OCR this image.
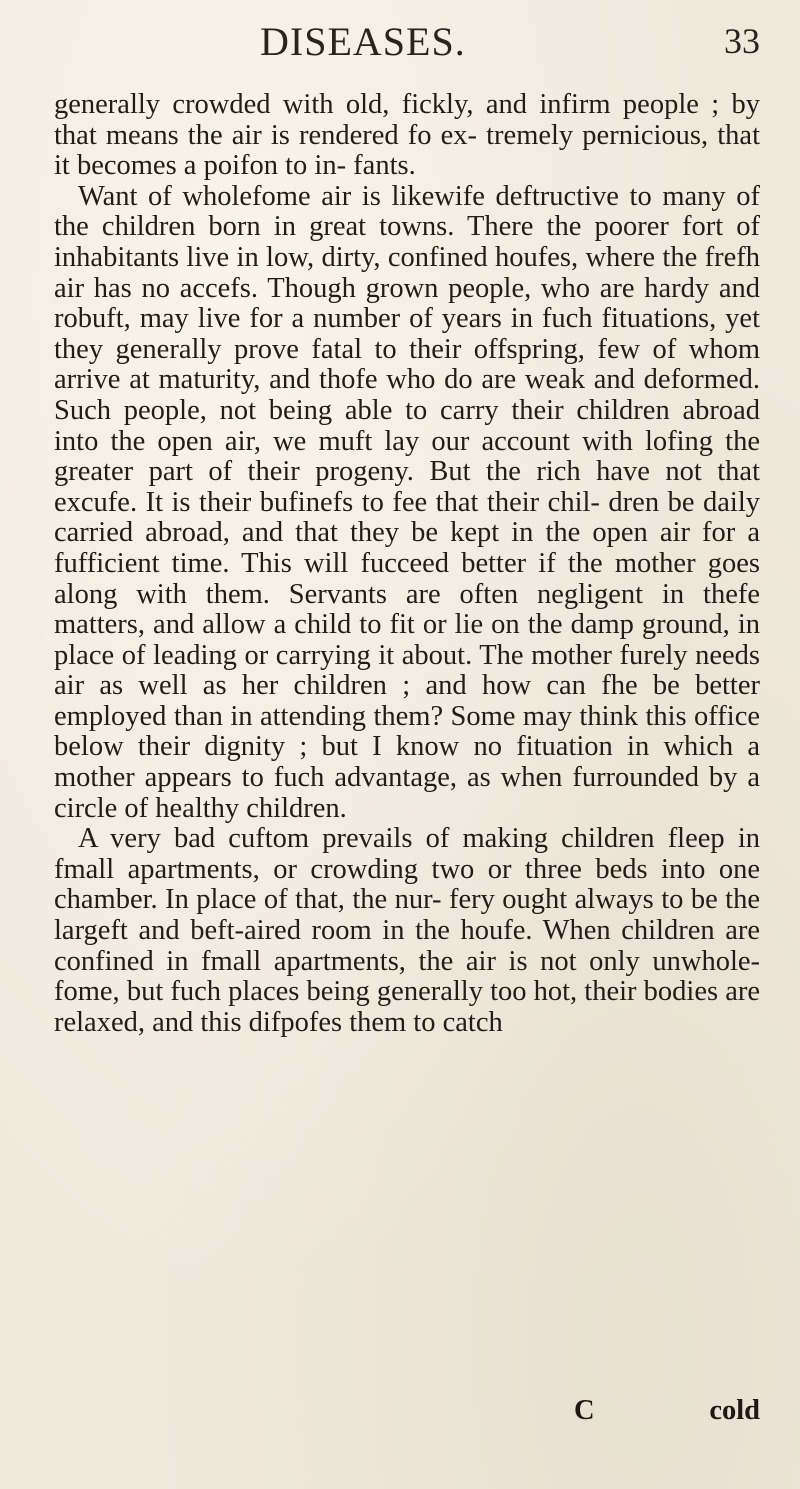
DISEASES.	33

generally crowded with old, fickly, and infirm people ; by that means the air is rendered fo ex- tremely pernicious, that it becomes a poifon to in- fants.

Want of wholefome air is likewife deftructive to many of the children born in great towns. There the poorer fort of inhabitants live in low, dirty, confined houfes, where the frefh air has no accefs. Though grown people, who are hardy and robuft, may live for a number of years in fuch fituations, yet they generally prove fatal to their offspring, few of whom arrive at maturity, and thofe who do are weak and deformed. Such people, not being able to carry their children abroad into the open air, we muft lay our account with lofing the greater part of their progeny. But the rich have not that excufe. It is their bufinefs to fee that their chil- dren be daily carried abroad, and that they be kept in the open air for a fufficient time. This will fucceed better if the mother goes along with them. Servants are often negligent in thefe matters, and allow a child to fit or lie on the damp ground, in place of leading or carrying it about. The mother furely needs air as well as her children ; and how can fhe be better employed than in attending them? Some may think this office below their dignity ; but I know no fituation in which a mother appears to fuch advantage, as when furrounded by a circle of healthy children.

A very bad cuftom prevails of making children fleep in fmall apartments, or crowding two or three beds into one chamber. In place of that, the nur- fery ought always to be the largeft and beft-aired room in the houfe. When children are confined in fmall apartments, the air is not only unwhole- fome, but fuch places being generally too hot, their bodies are relaxed, and this difpofes them to catch

C	cold
